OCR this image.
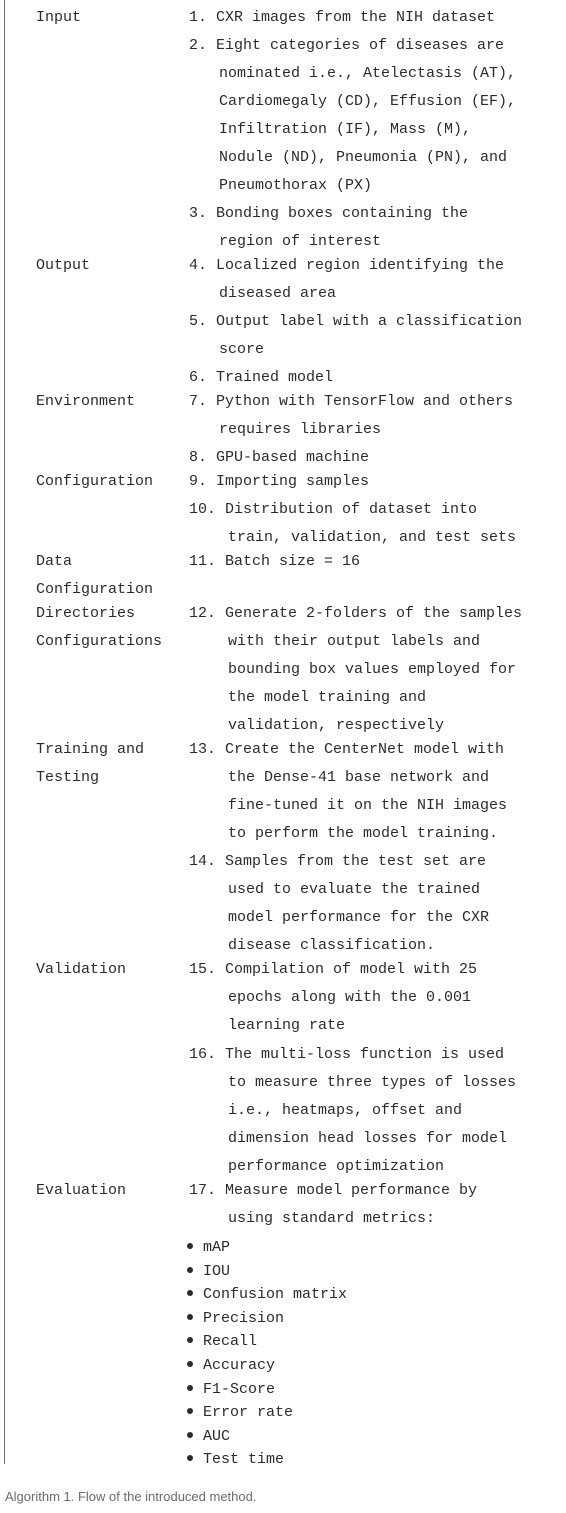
Input
Output
Environment
Configuration
Data
Configuration
Directories
Configurations
Training and
Testing
Validation
Evaluation
1. CXR images from the NIH dataset
2. Eight categories of diseases are
nominated i.e., Atelectasis (AT),
Cardiomegaly (CD), Effusion (EF),
Infiltration (IF), Mass (M),
Nodule (ND), Pneumonia (PN), and
Pneumothorax (PX)
3. Bonding boxes containing the
region of interest
4. Localized region identifying the
diseased area
5. Output label with a classification
score
6. Trained model
7. Python with TensorFlow and others
requires libraries
8. GPU-based machine
9. Importing samples
10. Distribution of dataset into
train, validation, and test sets
11. Batch size = 16
12. Generate 2-folders of the samples
with their output labels and
bounding box values employed for
the model training and
validation, respectively
13. Create the CenterNet model with
the Dense-41 base network and
fine-tuned it on the NIH images
to perform the model training.
14. Samples from the test set are
used to evaluate the trained
model performance for the CXR
disease classification.
15. Compilation of model with 25
epochs along with the 0.001
learning rate
16. The multi-loss function is used
to measure three types of losses
i.e., heatmaps, offset and
dimension head losses for model
performance optimization
17. Measure model performance by
using standard metrics:
mAP
IOU
Confusion matrix
Precision
Recall
Accuracy
F1-Score
Error rate
AUC
Test time
Algorithm 1. Flow of the introduced method.
